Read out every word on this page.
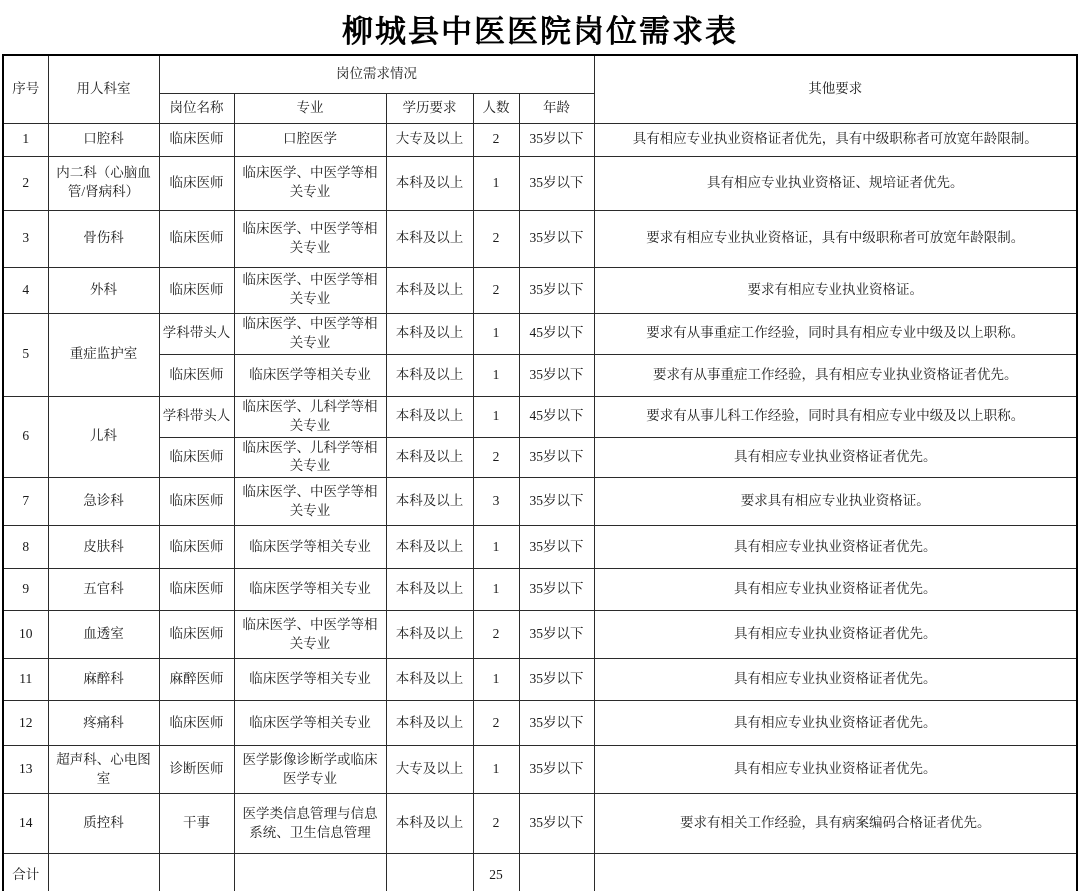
柳城县中医医院岗位需求表
序号	用人科室	岗位需求情况					其他要求
		岗位名称	专业	学历要求	人数	年龄	
1	口腔科	临床医师	口腔医学	大专及以上	2	35岁以下	具有相应专业执业资格证者优先，具有中级职称者可放宽年龄限制。
2	内二科（心脑血管/肾病科）	临床医师	临床医学、中医学等相关专业	本科及以上	1	35岁以下	具有相应专业执业资格证、规培证者优先。
3	骨伤科	临床医师	临床医学、中医学等相关专业	本科及以上	2	35岁以下	要求有相应专业执业资格证，具有中级职称者可放宽年龄限制。
4	外科	临床医师	临床医学、中医学等相关专业	本科及以上	2	35岁以下	要求有相应专业执业资格证。
5	重症监护室	学科带头人	临床医学、中医学等相关专业	本科及以上	1	45岁以下	要求有从事重症工作经验，同时具有相应专业中级及以上职称。
		临床医师	临床医学等相关专业	本科及以上	1	35岁以下	要求有从事重症工作经验，具有相应专业执业资格证者优先。
6	儿科	学科带头人	临床医学、儿科学等相关专业	本科及以上	1	45岁以下	要求有从事儿科工作经验，同时具有相应专业中级及以上职称。
		临床医师	临床医学、儿科学等相关专业	本科及以上	2	35岁以下	具有相应专业执业资格证者优先。
7	急诊科	临床医师	临床医学、中医学等相关专业	本科及以上	3	35岁以下	要求具有相应专业执业资格证。
8	皮肤科	临床医师	临床医学等相关专业	本科及以上	1	35岁以下	具有相应专业执业资格证者优先。
9	五官科	临床医师	临床医学等相关专业	本科及以上	1	35岁以下	具有相应专业执业资格证者优先。
10	血透室	临床医师	临床医学、中医学等相关专业	本科及以上	2	35岁以下	具有相应专业执业资格证者优先。
11	麻醉科	麻醉医师	临床医学等相关专业	本科及以上	1	35岁以下	具有相应专业执业资格证者优先。
12	疼痛科	临床医师	临床医学等相关专业	本科及以上	2	35岁以下	具有相应专业执业资格证者优先。
13	超声科、心电图室	诊断医师	医学影像诊断学或临床医学专业	大专及以上	1	35岁以下	具有相应专业执业资格证者优先。
14	质控科	干事	医学类信息管理与信息系统、卫生信息管理	本科及以上	2	35岁以下	要求有相关工作经验，具有病案编码合格证者优先。
合计					25		
